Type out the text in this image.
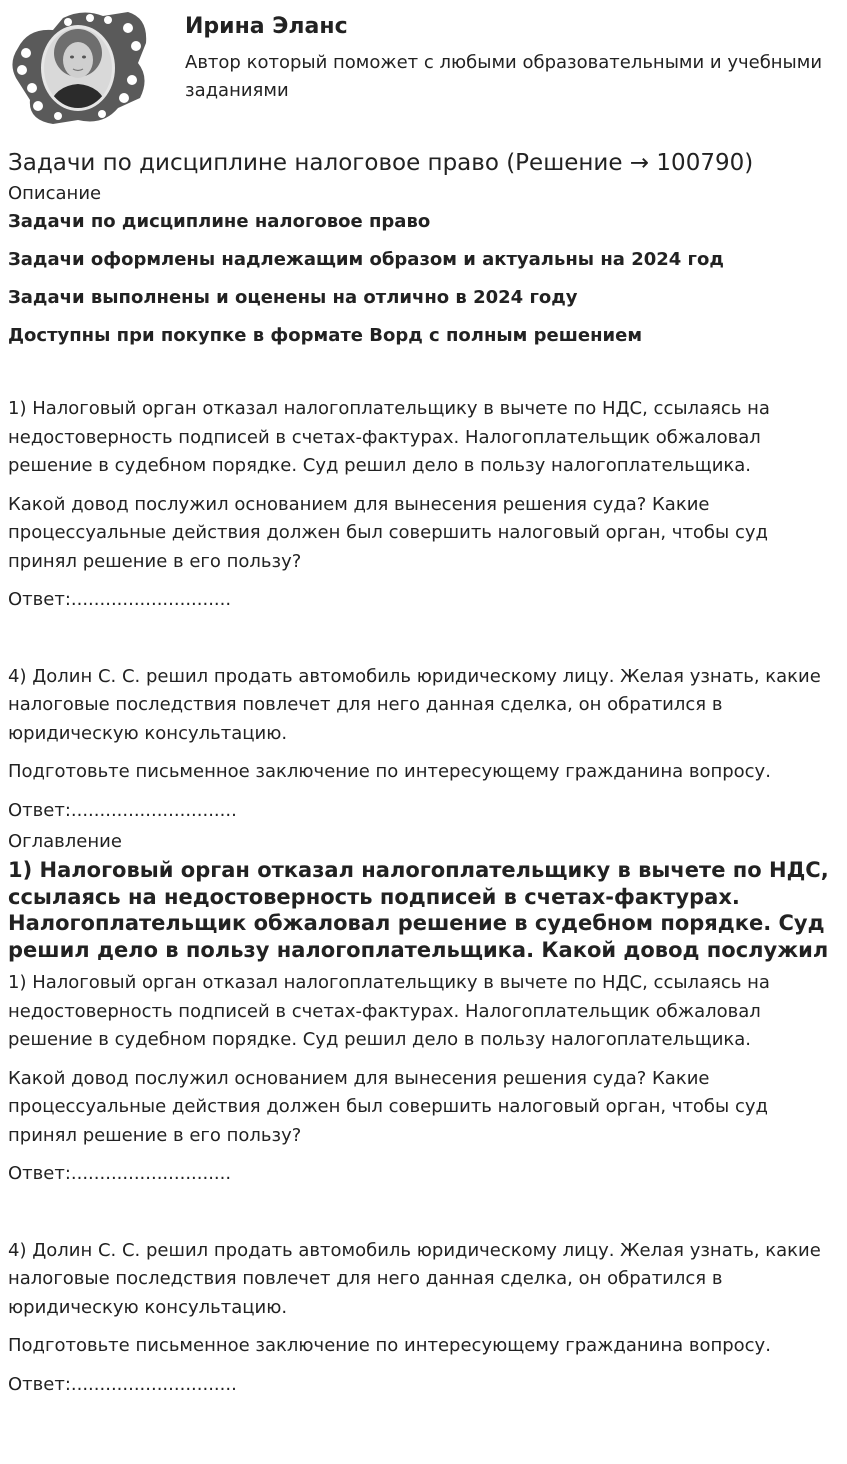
Ирина Эланс
Автор который поможет с любыми образовательными и учебными заданиями
Задачи по дисциплине налоговое право (Решение → 100790)
Описание
Задачи по дисциплине налоговое право
Задачи оформлены надлежащим образом и актуальны на 2024 год
Задачи выполнены и оценены на отлично в 2024 году
Доступны при покупке в формате Ворд с полным решением

1) Налоговый орган отказал налогоплательщику в вычете по НДС, ссылаясь на недостоверность подписей в счетах-фактурах. Налогоплательщик обжаловал решение в судебном порядке. Суд решил дело в пользу налогоплательщика.

Какой довод послужил основанием для вынесения решения суда? Какие процессуальные действия должен был совершить налоговый орган, чтобы суд принял решение в его пользу?

Ответ:............................

4) Долин С. С. решил продать автомобиль юридическому лицу. Желая узнать, какие налоговые последствия повлечет для него данная сделка, он обратился в юридическую консультацию.

Подготовьте письменное заключение по интересующему гражданина вопросу.

Ответ:.............................

Оглавление
1) Налоговый орган отказал налогоплательщику в вычете по НДС, ссылаясь на недостоверность подписей в счетах-фактурах. Налогоплательщик обжаловал решение в судебном порядке. Суд решил дело в пользу налогоплательщика. Какой довод послужил

1) Налоговый орган отказал налогоплательщику в вычете по НДС, ссылаясь на недостоверность подписей в счетах-фактурах. Налогоплательщик обжаловал решение в судебном порядке. Суд решил дело в пользу налогоплательщика.

Какой довод послужил основанием для вынесения решения суда? Какие процессуальные действия должен был совершить налоговый орган, чтобы суд принял решение в его пользу?

Ответ:............................

4) Долин С. С. решил продать автомобиль юридическому лицу. Желая узнать, какие налоговые последствия повлечет для него данная сделка, он обратился в юридическую консультацию.

Подготовьте письменное заключение по интересующему гражданина вопросу.

Ответ:.............................
